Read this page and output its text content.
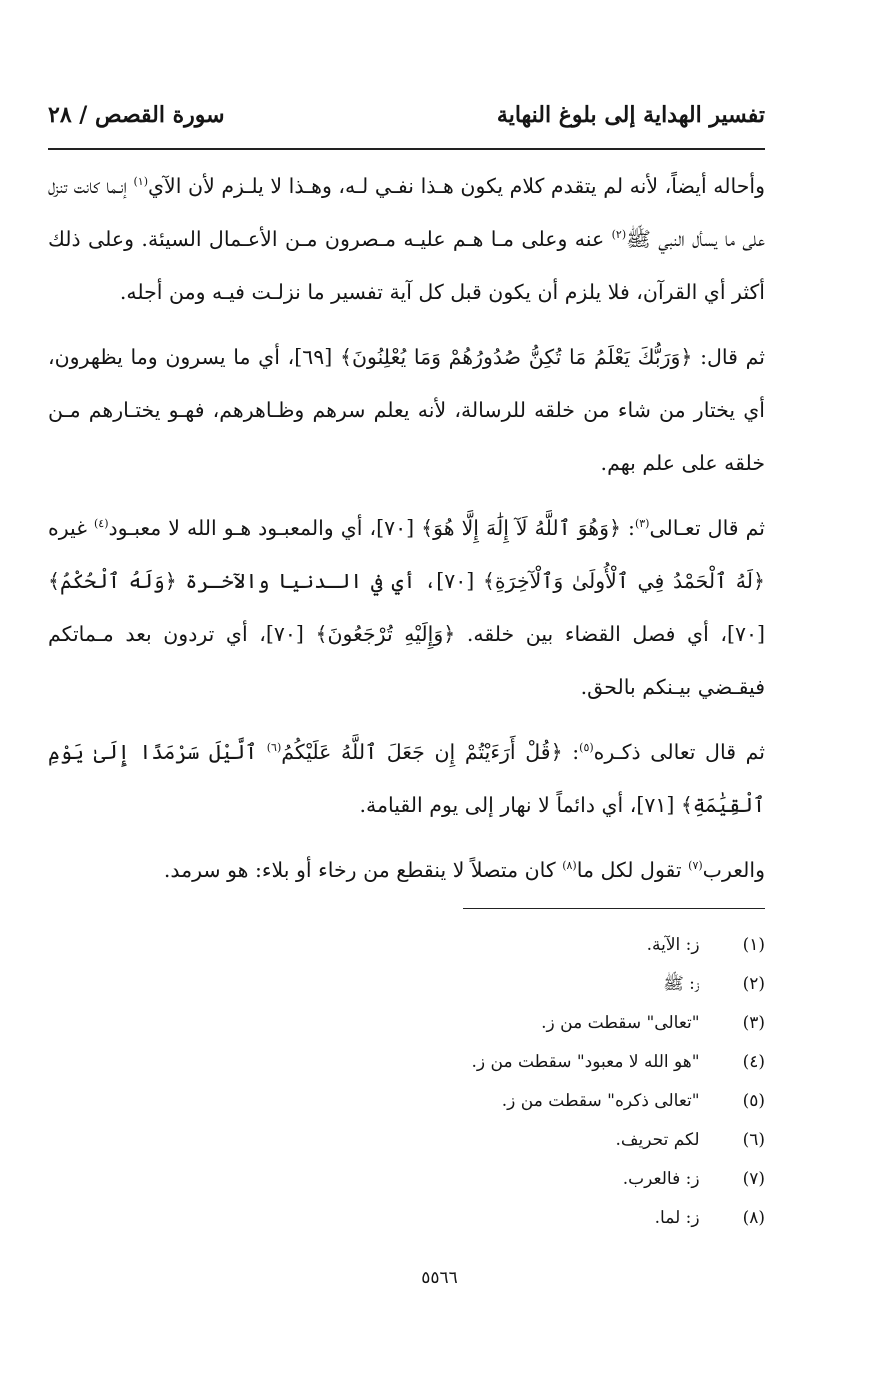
تفسير الهداية إلى بلوغ النهاية
سورة القصص / ٢٨

وأحاله أيضاً، لأنه لم يتقدم كلام يكون هـذا نفـي لـه، وهـذا لا يلـزم لأن الآي$^{(١)}$ إنـما كانت تنزل على ما يسأل النبي ﷺ$^{(٢)}$ عنه وعلى مـا هـم عليـه مـصرون مـن الأعـمال السيئة. وعلى ذلك أكثر أي القرآن، فلا يلزم أن يكون قبل كل آية تفسير ما نزلـت فيـه ومن أجله.

ثم قال: ﴿وَرَبُّكَ يَعْلَمُ مَا تُكِنُّ صُدُورُهُمْ وَمَا يُعْلِنُونَ﴾ [٦٩]، أي ما يسرون وما يظهرون، أي يختار من شاء من خلقه للرسالة، لأنه يعلم سرهم وظـاهرهم، فهـو يختـارهم مـن خلقه على علم بهم.

ثم قال تعـالى$^{(٣)}$: ﴿وَهُوَ ٱللَّهُ لَآ إِلَٰهَ إِلَّا هُوَ﴾ [٧٠]، أي والمعبـود هـو الله لا معبـود$^{(٤)}$ غيره ﴿لَهُ ٱلْحَمْدُ فِي ٱلْأُولَىٰ وَٱلْآخِرَةِ﴾ [٧٠]، أي في الـدنيا والآخـرة ﴿وَلَهُ ٱلْحُكْمُ﴾ [٧٠]، أي فصل القضاء بين خلقه. ﴿وَإِلَيْهِ تُرْجَعُونَ﴾ [٧٠]، أي تردون بعد مـماتكم فيقـضي بيـنكم بالحق.

ثم قال تعالى ذكـره$^{(٥)}$: ﴿قُلْ أَرَءَيْتُمْ إِن جَعَلَ ٱللَّهُ عَلَيْكُمُ$^{(٦)}$ ٱلَّيْلَ سَرْمَدًا إِلَىٰ يَوْمِ ٱلْقِيَٰمَةِ﴾ [٧١]، أي دائماً لا نهار إلى يوم القيامة.

والعرب$^{(٧)}$ تقول لكل ما$^{(٨)}$ كان متصلاً لا ينقطع من رخاء أو بلاء: هو سرمد.

(١) ز: الآية.
(٢) ز: ﷺ
(٣) "تعالى" سقطت من ز.
(٤) "هو الله لا معبود" سقطت من ز.
(٥) "تعالى ذكره" سقطت من ز.
(٦) لكم تحريف.
(٧) ز: فالعرب.
(٨) ز: لما.
٥٥٦٦
